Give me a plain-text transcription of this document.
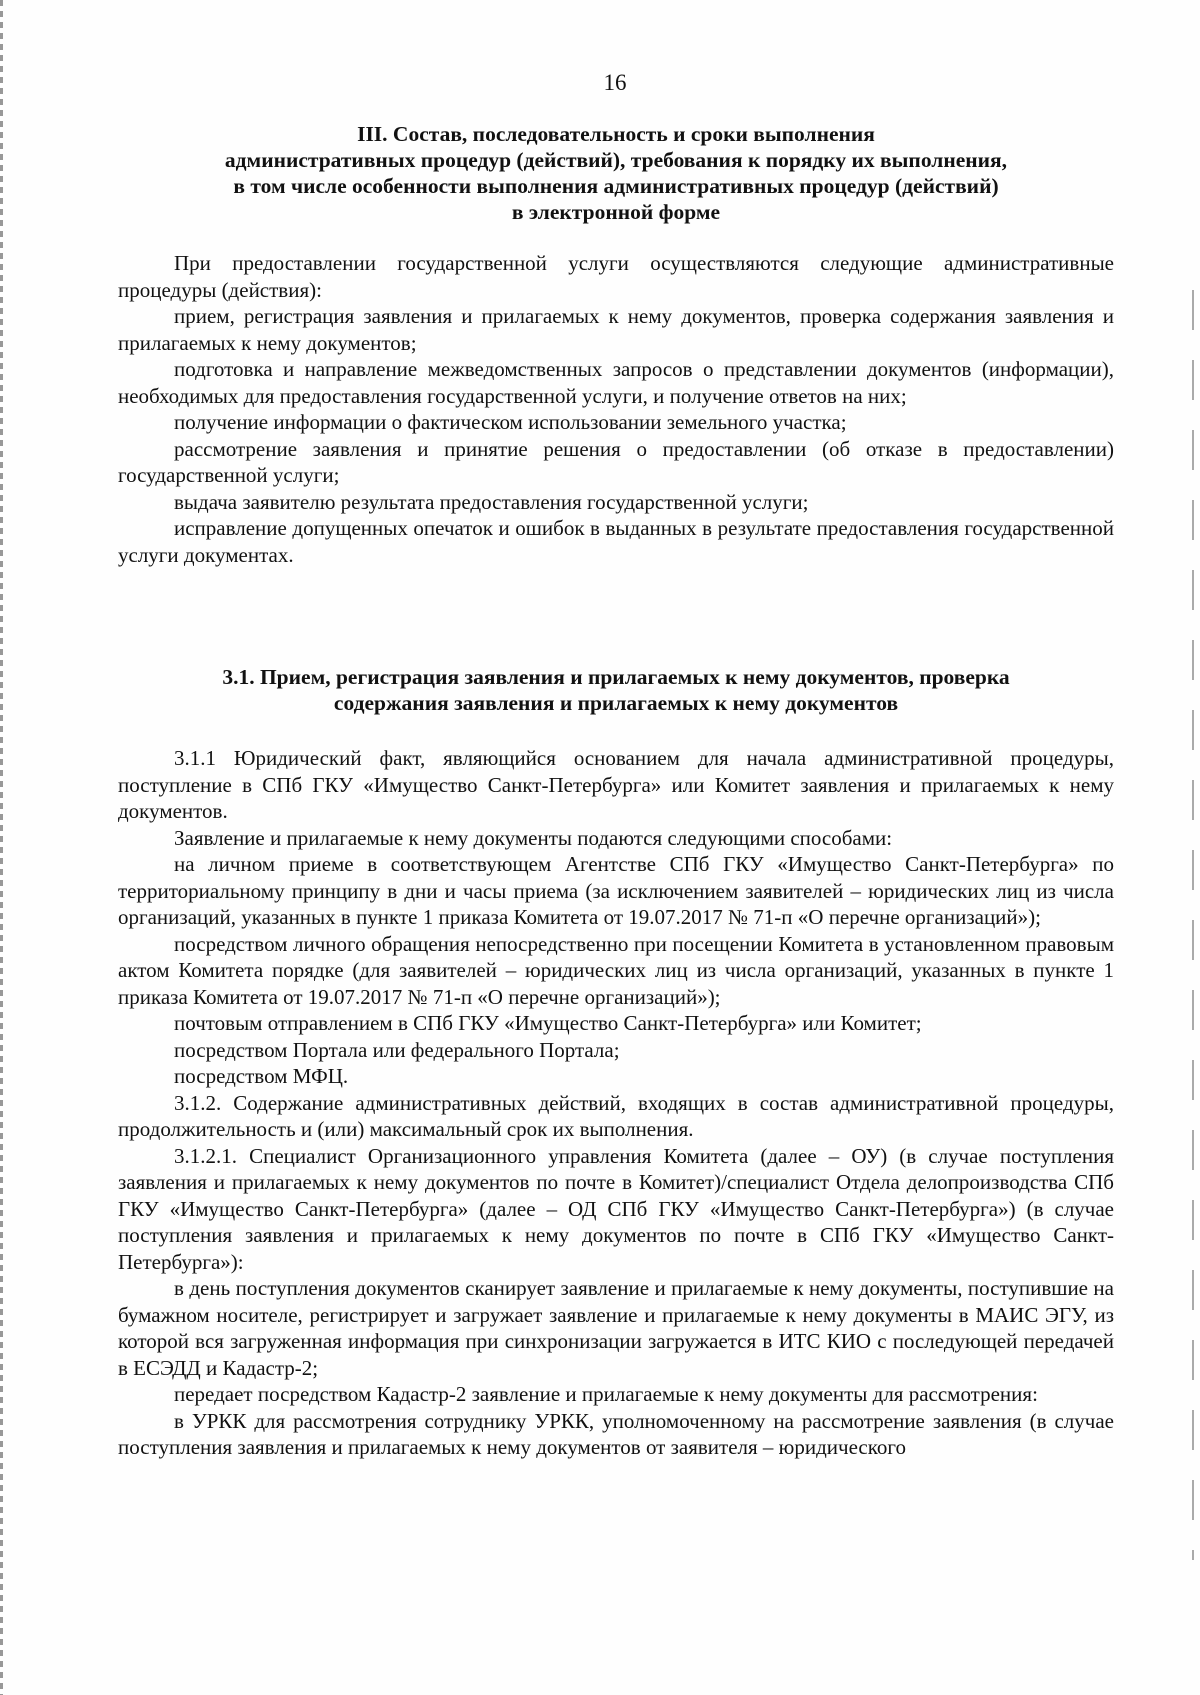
16
III. Состав, последовательность и сроки выполнения
административных процедур (действий), требования к порядку их выполнения,
в том числе особенности выполнения административных процедур (действий)
в электронной форме

При предоставлении государственной услуги осуществляются следующие административные процедуры (действия):

прием, регистрация заявления и прилагаемых к нему документов, проверка содержания заявления и прилагаемых к нему документов;

подготовка и направление межведомственных запросов о представлении документов (информации), необходимых для предоставления государственной услуги, и получение ответов на них;

получение информации о фактическом использовании земельного участка;

рассмотрение заявления и принятие решения о предоставлении (об отказе в предоставлении) государственной услуги;

выдача заявителю результата предоставления государственной услуги;

исправление допущенных опечаток и ошибок в выданных в результате предоставления государственной услуги документах.

3.1. Прием, регистрация заявления и прилагаемых к нему документов, проверка
содержания заявления и прилагаемых к нему документов

3.1.1 Юридический факт, являющийся основанием для начала административной процедуры, поступление в СПб ГКУ «Имущество Санкт-Петербурга» или Комитет заявления и прилагаемых к нему документов.

Заявление и прилагаемые к нему документы подаются следующими способами:

на личном приеме в соответствующем Агентстве СПб ГКУ «Имущество Санкт-Петербурга» по территориальному принципу в дни и часы приема (за исключением заявителей – юридических лиц из числа организаций, указанных в пункте 1 приказа Комитета от 19.07.2017 № 71-п «О перечне организаций»);

посредством личного обращения непосредственно при посещении Комитета в установленном правовым актом Комитета порядке (для заявителей – юридических лиц из числа организаций, указанных в пункте 1 приказа Комитета от 19.07.2017 № 71-п «О перечне организаций»);

почтовым отправлением в СПб ГКУ «Имущество Санкт-Петербурга» или Комитет;

посредством Портала или федерального Портала;

посредством МФЦ.

3.1.2. Содержание административных действий, входящих в состав административной процедуры, продолжительность и (или) максимальный срок их выполнения.

3.1.2.1. Специалист Организационного управления Комитета (далее – ОУ) (в случае поступления заявления и прилагаемых к нему документов по почте в Комитет)/специалист Отдела делопроизводства СПб ГКУ «Имущество Санкт-Петербурга» (далее – ОД СПб ГКУ «Имущество Санкт-Петербурга») (в случае поступления заявления и прилагаемых к нему документов по почте в СПб ГКУ «Имущество Санкт-Петербурга»):

в день поступления документов сканирует заявление и прилагаемые к нему документы, поступившие на бумажном носителе, регистрирует и загружает заявление и прилагаемые к нему документы в МАИС ЭГУ, из которой вся загруженная информация при синхронизации загружается в ИТС КИО с последующей передачей в ЕСЭДД и Кадастр-2;

передает посредством Кадастр-2 заявление и прилагаемые к нему документы для рассмотрения:

в УРКК для рассмотрения сотруднику УРКК, уполномоченному на рассмотрение заявления (в случае поступления заявления и прилагаемых к нему документов от заявителя – юридического
